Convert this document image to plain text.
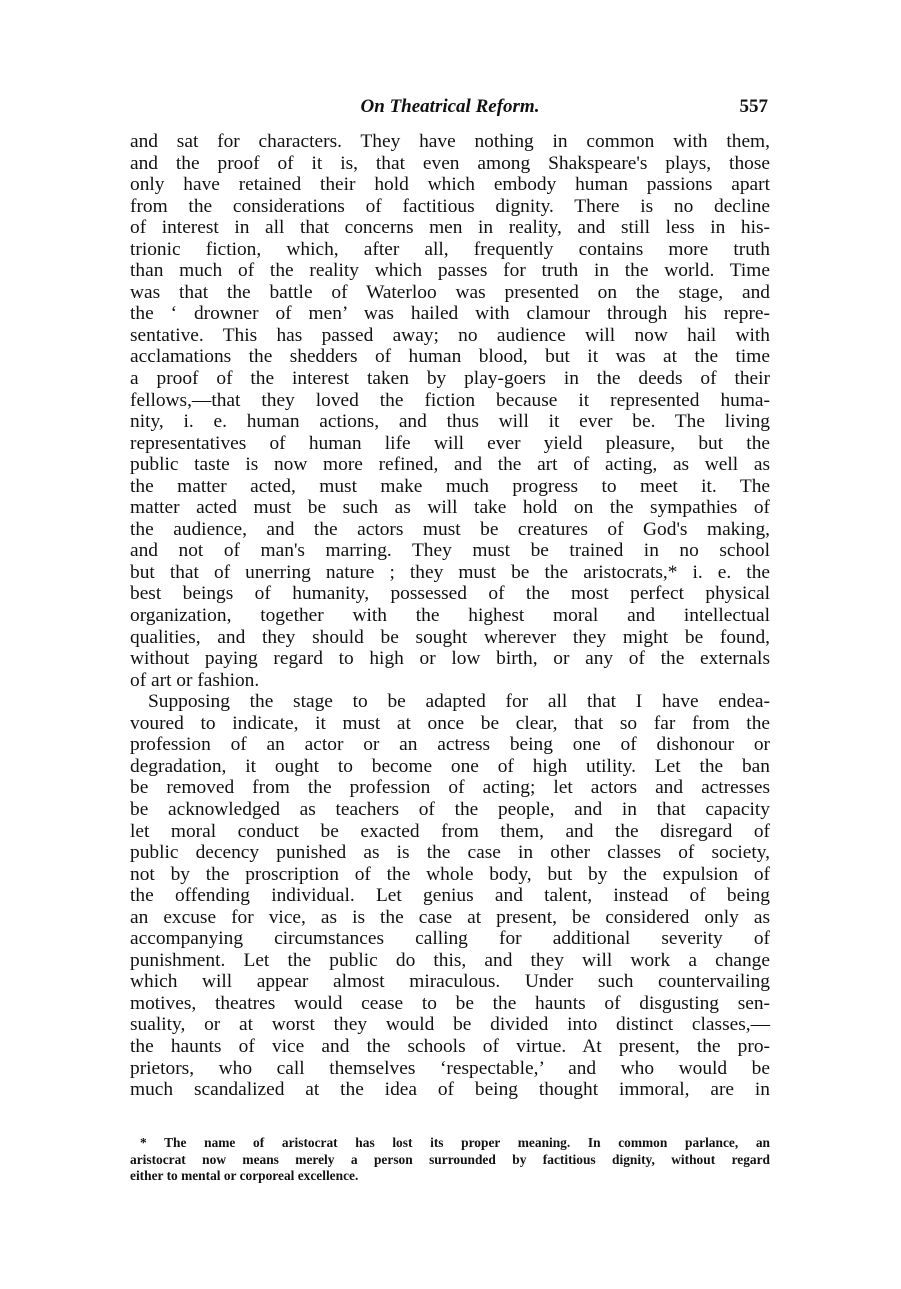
On Theatrical Reform.	557
and sat for characters. They have nothing in common with them,
and the proof of it is, that even among Shakspeare's plays, those
only have retained their hold which embody human passions apart
from the considerations of factitious dignity. There is no decline
of interest in all that concerns men in reality, and still less in his-
trionic fiction, which, after all, frequently contains more truth
than much of the reality which passes for truth in the world. Time
was that the battle of Waterloo was presented on the stage, and
the ‘ drowner of men’ was hailed with clamour through his repre-
sentative. This has passed away; no audience will now hail with
acclamations the shedders of human blood, but it was at the time
a proof of the interest taken by play-goers in the deeds of their
fellows,—that they loved the fiction because it represented huma-
nity, i. e. human actions, and thus will it ever be. The living
representatives of human life will ever yield pleasure, but the
public taste is now more refined, and the art of acting, as well as
the matter acted, must make much progress to meet it. The
matter acted must be such as will take hold on the sympathies of
the audience, and the actors must be creatures of God's making,
and not of man's marring. They must be trained in no school
but that of unerring nature ; they must be the aristocrats,* i. e. the
best beings of humanity, possessed of the most perfect physical
organization, together with the highest moral and intellectual
qualities, and they should be sought wherever they might be found,
without paying regard to high or low birth, or any of the externals
of art or fashion.
Supposing the stage to be adapted for all that I have endea-
voured to indicate, it must at once be clear, that so far from the
profession of an actor or an actress being one of dishonour or
degradation, it ought to become one of high utility. Let the ban
be removed from the profession of acting; let actors and actresses
be acknowledged as teachers of the people, and in that capacity
let moral conduct be exacted from them, and the disregard of
public decency punished as is the case in other classes of society,
not by the proscription of the whole body, but by the expulsion of
the offending individual. Let genius and talent, instead of being
an excuse for vice, as is the case at present, be considered only as
accompanying circumstances calling for additional severity of
punishment. Let the public do this, and they will work a change
which will appear almost miraculous. Under such countervailing
motives, theatres would cease to be the haunts of disgusting sen-
suality, or at worst they would be divided into distinct classes,—
the haunts of vice and the schools of virtue. At present, the pro-
prietors, who call themselves ‘respectable,’ and who would be
much scandalized at the idea of being thought immoral, are in
* The name of aristocrat has lost its proper meaning. In common parlance, an
aristocrat now means merely a person surrounded by factitious dignity, without regard
either to mental or corporeal excellence.
